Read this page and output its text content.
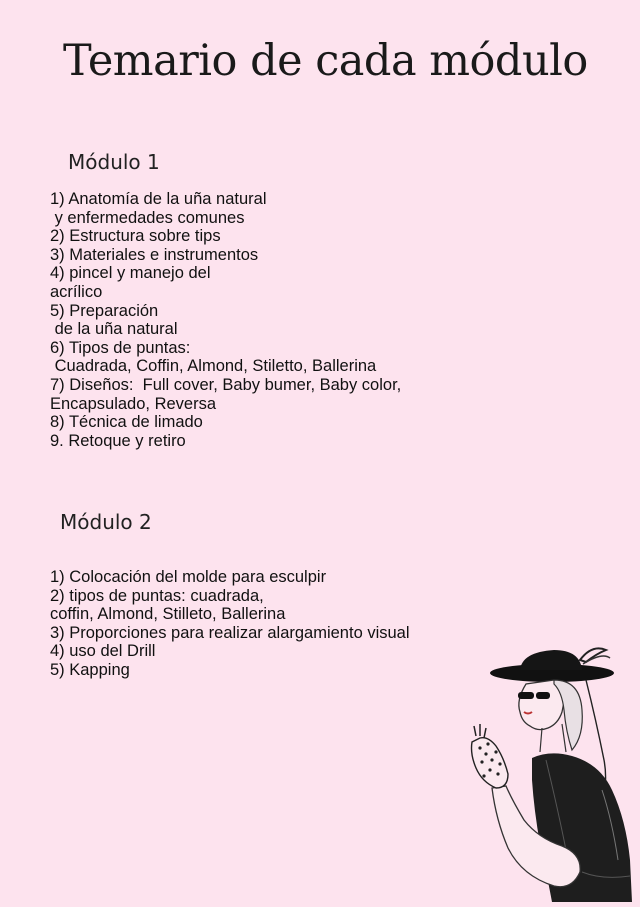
Temario de cada módulo
Módulo 1
1) Anatomía de la uña natural
y enfermedades comunes
2) Estructura sobre tips
3) Materiales e instrumentos
4) pincel y manejo del
acrílico
5) Preparación
de la uña natural
6) Tipos de puntas:
Cuadrada, Coffin, Almond, Stiletto, Ballerina
7) Diseños:  Full cover, Baby bumer, Baby color,
Encapsulado, Reversa
8) Técnica de limado
9. Retoque y retiro
Módulo 2
1) Colocación del molde para esculpir
2) tipos de puntas: cuadrada,
coffin, Almond, Stilleto, Ballerina
3) Proporciones para realizar alargamiento visual
4) uso del Drill
5) Kapping
